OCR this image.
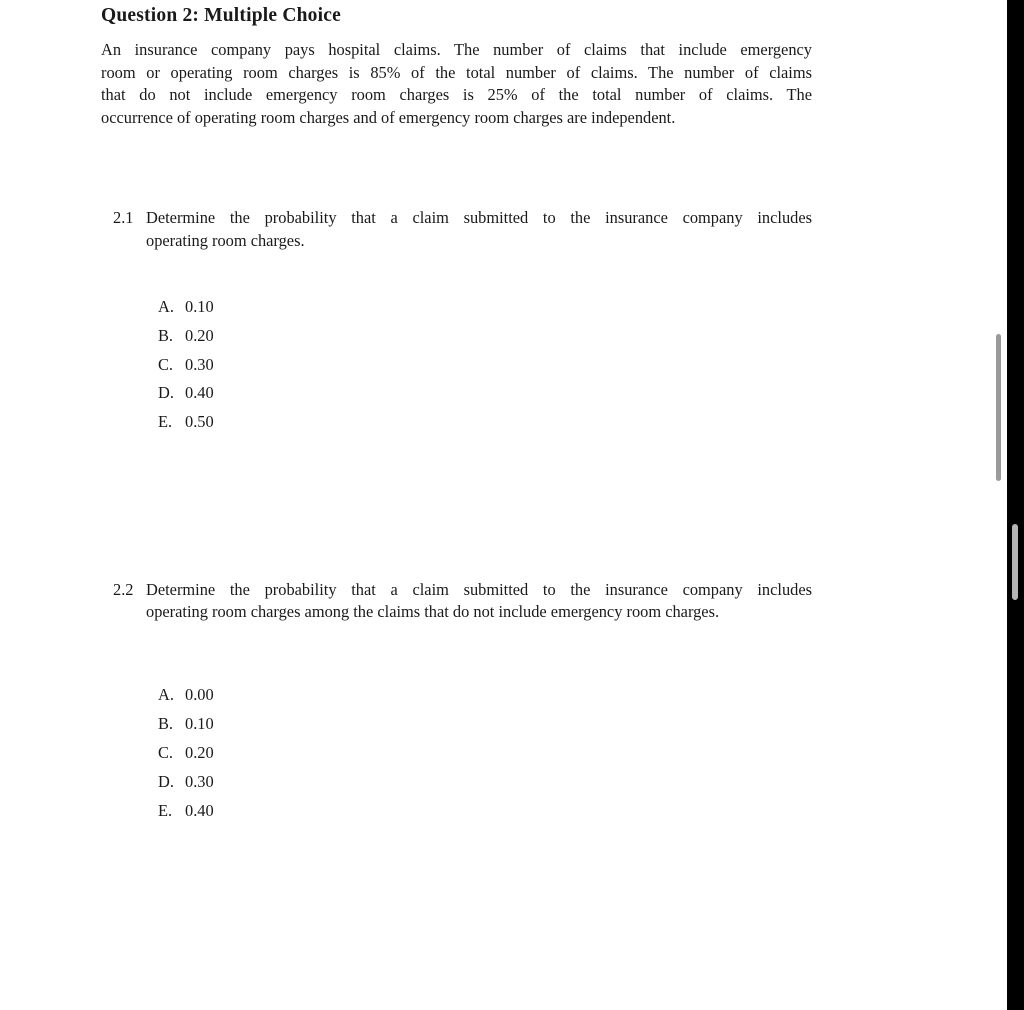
Question 2: Multiple Choice
An insurance company pays hospital claims. The number of claims that include emergency
room or operating room charges is 85% of the total number of claims. The number of claims
that do not include emergency room charges is 25% of the total number of claims. The
occurrence of operating room charges and of emergency room charges are independent.
2.1 Determine the probability that a claim submitted to the insurance company includes
operating room charges.
A. 0.10
B. 0.20
C. 0.30
D. 0.40
E. 0.50
2.2 Determine the probability that a claim submitted to the insurance company includes
operating room charges among the claims that do not include emergency room charges.
A. 0.00
B. 0.10
C. 0.20
D. 0.30
E. 0.40
